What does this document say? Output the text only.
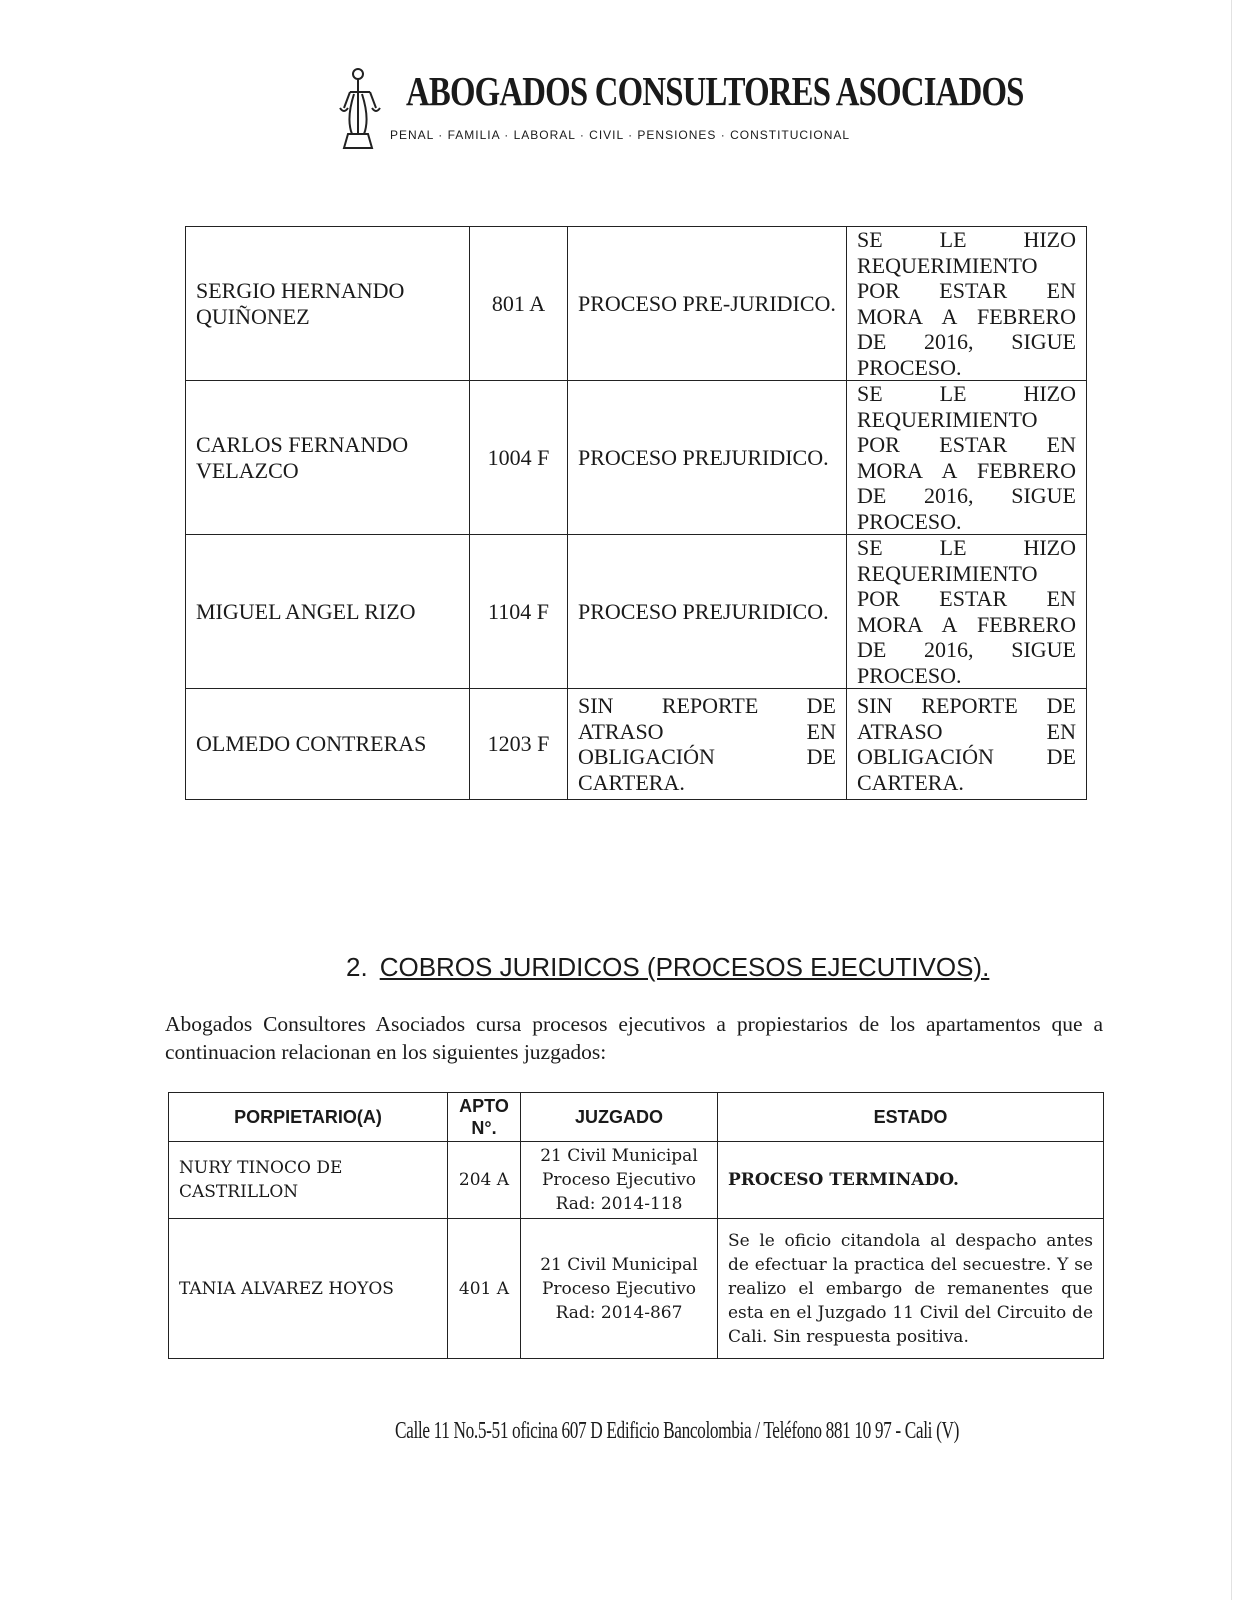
ABOGADOS CONSULTORES ASOCIADOS

PENAL · FAMILIA · LABORAL · CIVIL · PENSIONES · CONSTITUCIONAL

SERGIO HERNANDO QUIÑONEZ	801 A	PROCESO PRE-JURIDICO.	SE LE HIZO REQUERIMIENTO POR ESTAR EN MORA A FEBRERO DE 2016, SIGUE PROCESO.
CARLOS FERNANDO VELAZCO	1004 F	PROCESO PREJURIDICO.	SE LE HIZO REQUERIMIENTO POR ESTAR EN MORA A FEBRERO DE 2016, SIGUE PROCESO.
MIGUEL ANGEL RIZO	1104 F	PROCESO PREJURIDICO.	SE LE HIZO REQUERIMIENTO POR ESTAR EN MORA A FEBRERO DE 2016, SIGUE PROCESO.
OLMEDO CONTRERAS	1203 F	SIN REPORTE DE ATRASO EN OBLIGACIÓN DE CARTERA.	SIN REPORTE DE ATRASO EN OBLIGACIÓN DE CARTERA.
2. COBROS JURIDICOS (PROCESOS EJECUTIVOS).

Abogados Consultores Asociados cursa procesos ejecutivos a propiestarios de los apartamentos que a continuacion relacionan en los siguientes juzgados:

PORPIETARIO(A)	APTO N°.	JUZGADO	ESTADO
NURY TINOCO DE CASTRILLON	204 A	21 Civil Municipal Proceso Ejecutivo Rad: 2014-118	PROCESO TERMINADO.
TANIA ALVAREZ HOYOS	401 A	21 Civil Municipal Proceso Ejecutivo Rad: 2014-867	Se le oficio citandola al despacho antes de efectuar la practica del secuestre. Y se realizo el embargo de remanentes que esta en el Juzgado 11 Civil del Circuito de Cali. Sin respuesta positiva.

Calle 11 No.5-51 oficina 607 D Edificio Bancolombia / Teléfono 881 10 97 - Cali (V)
